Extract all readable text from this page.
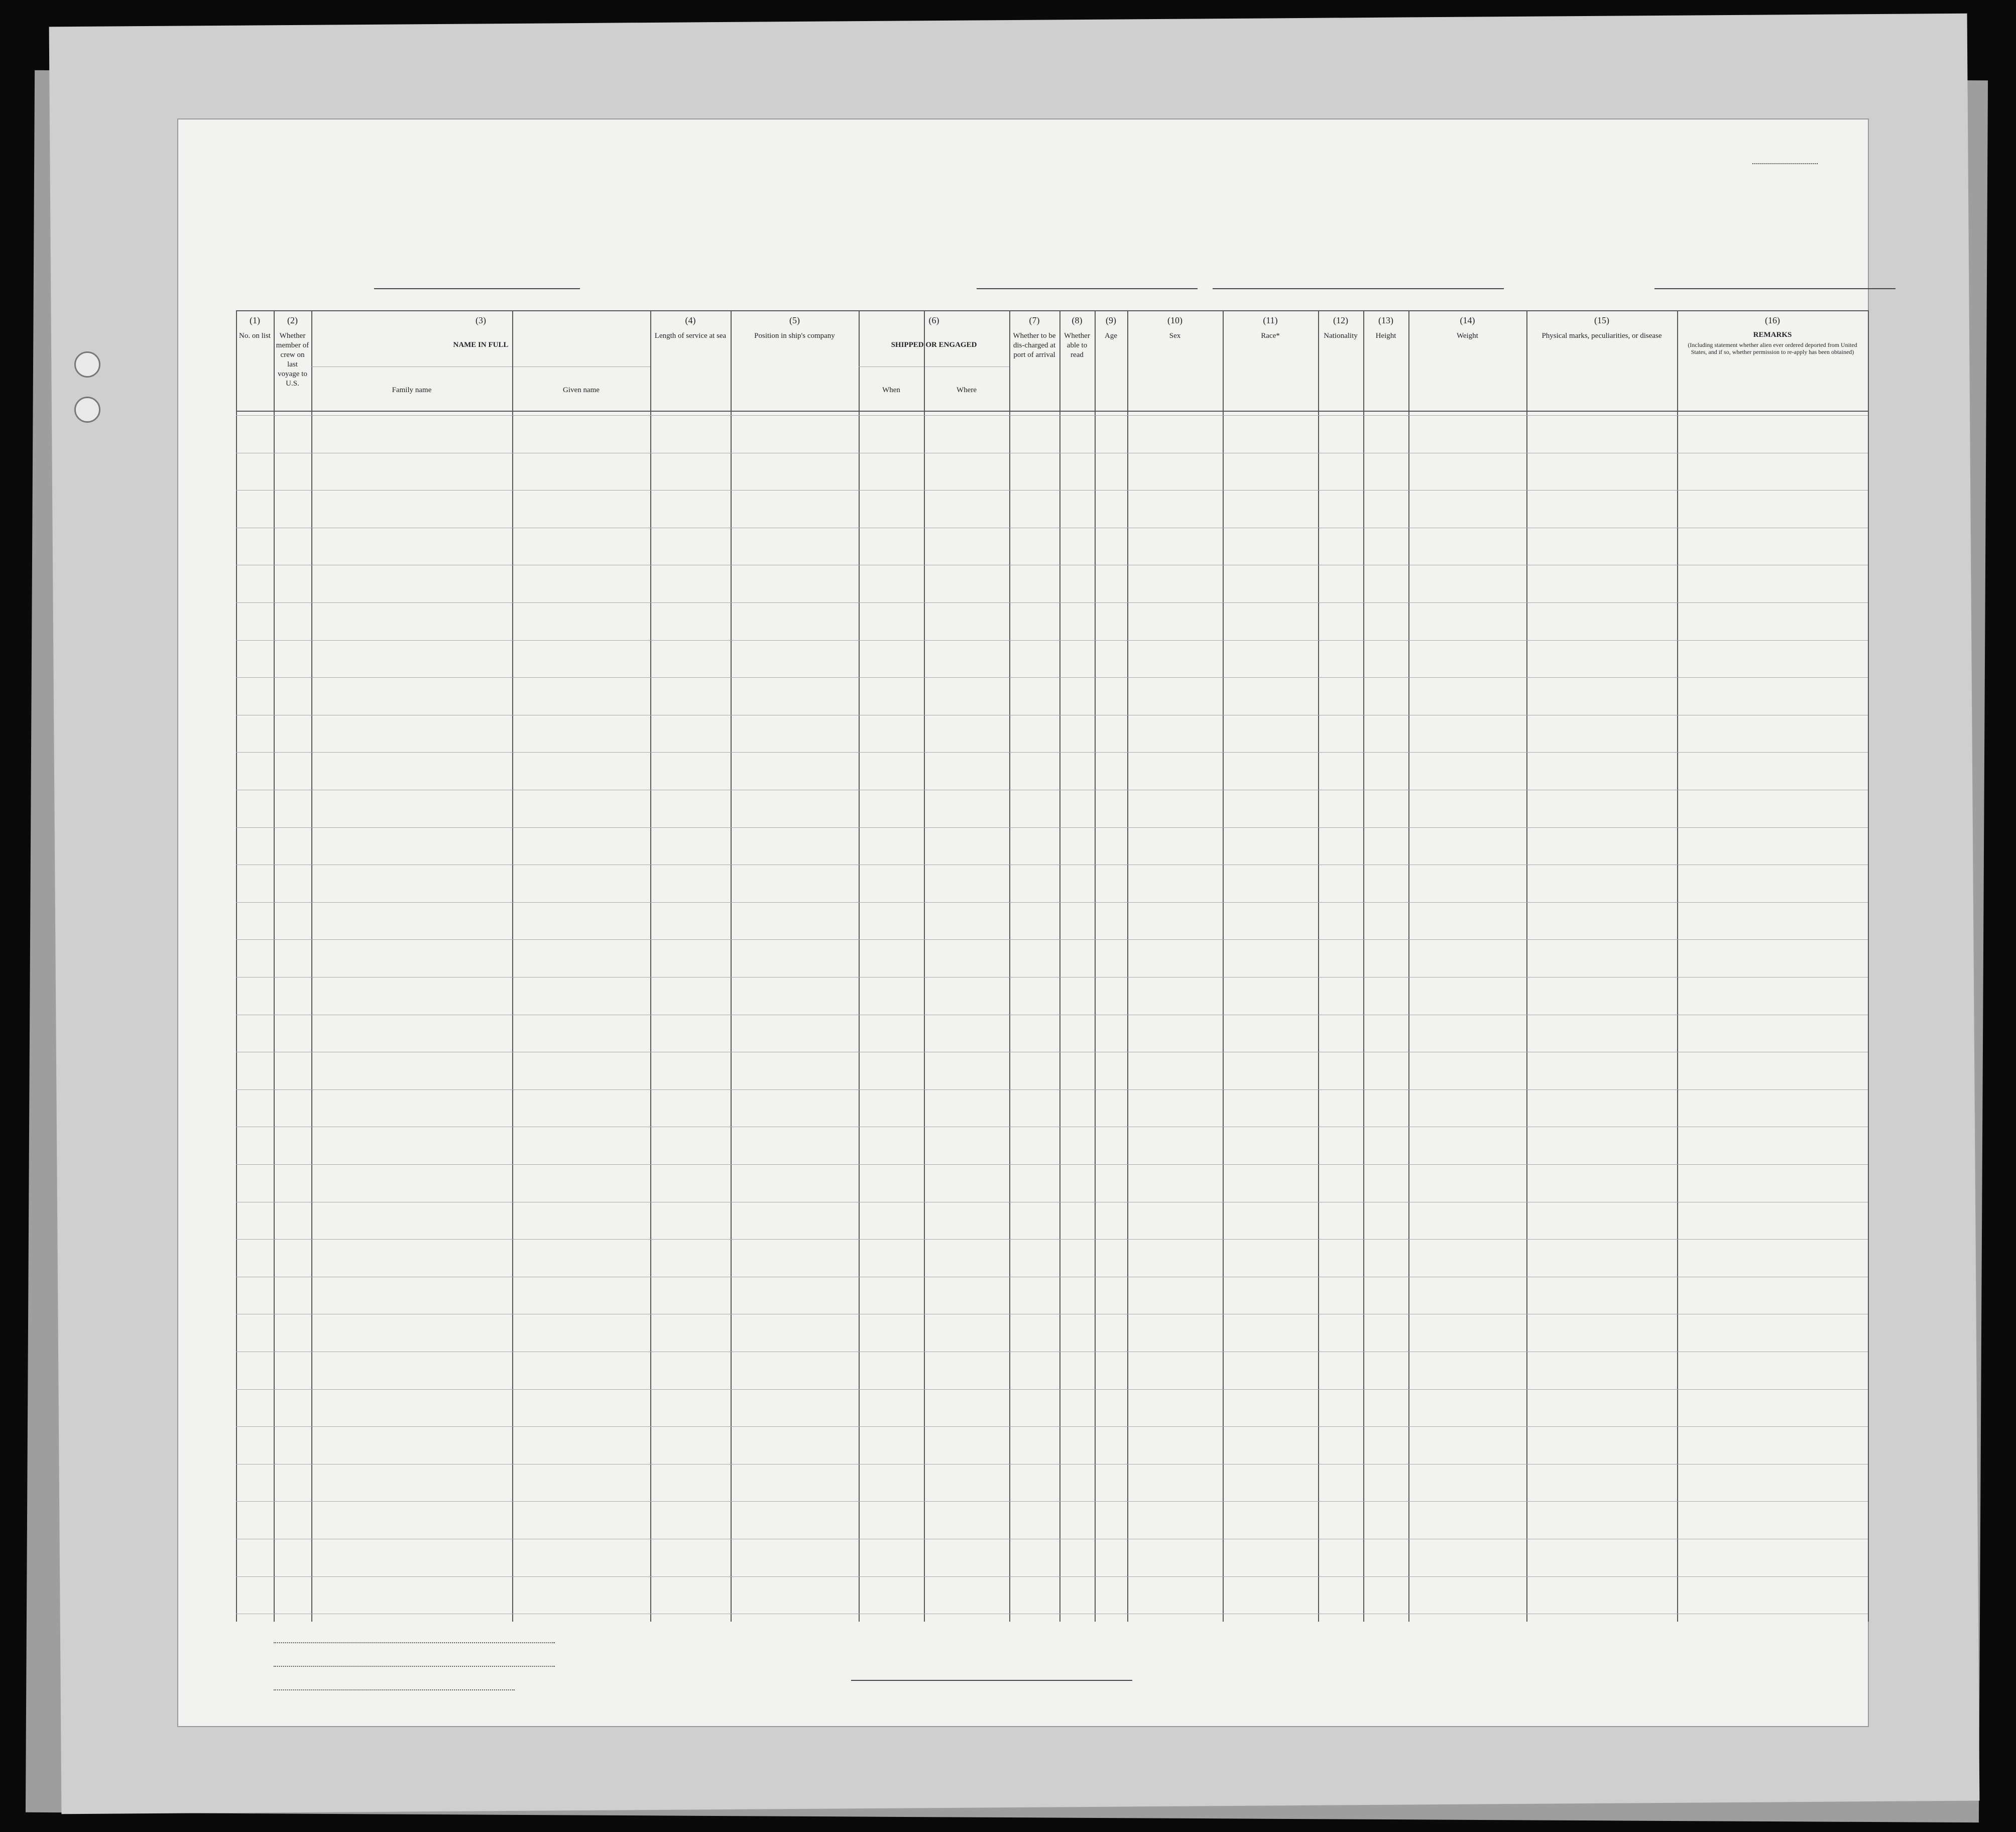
(1)
No. on list
(2)
Whether member of crew on last voyage to U.S.
(3)
NAME IN FULL
Family name	Given name
(4)
Length of service at sea
(5)
Position in ship's company
(6)
SHIPPED OR ENGAGED
When	Where
(7)
Whether to be dis-charged at port of arrival
(8)
Whether able to read
(9)
Age
(10)
Sex
(11)
Race*
(12)
Nationality
(13)
Height
(14)
Weight
(15)
Physical marks, peculiarities, or disease
(16)
REMARKS
(Including statement whether alien ever ordered deported from United States, and if so, whether permission to re-apply has been obtained)
